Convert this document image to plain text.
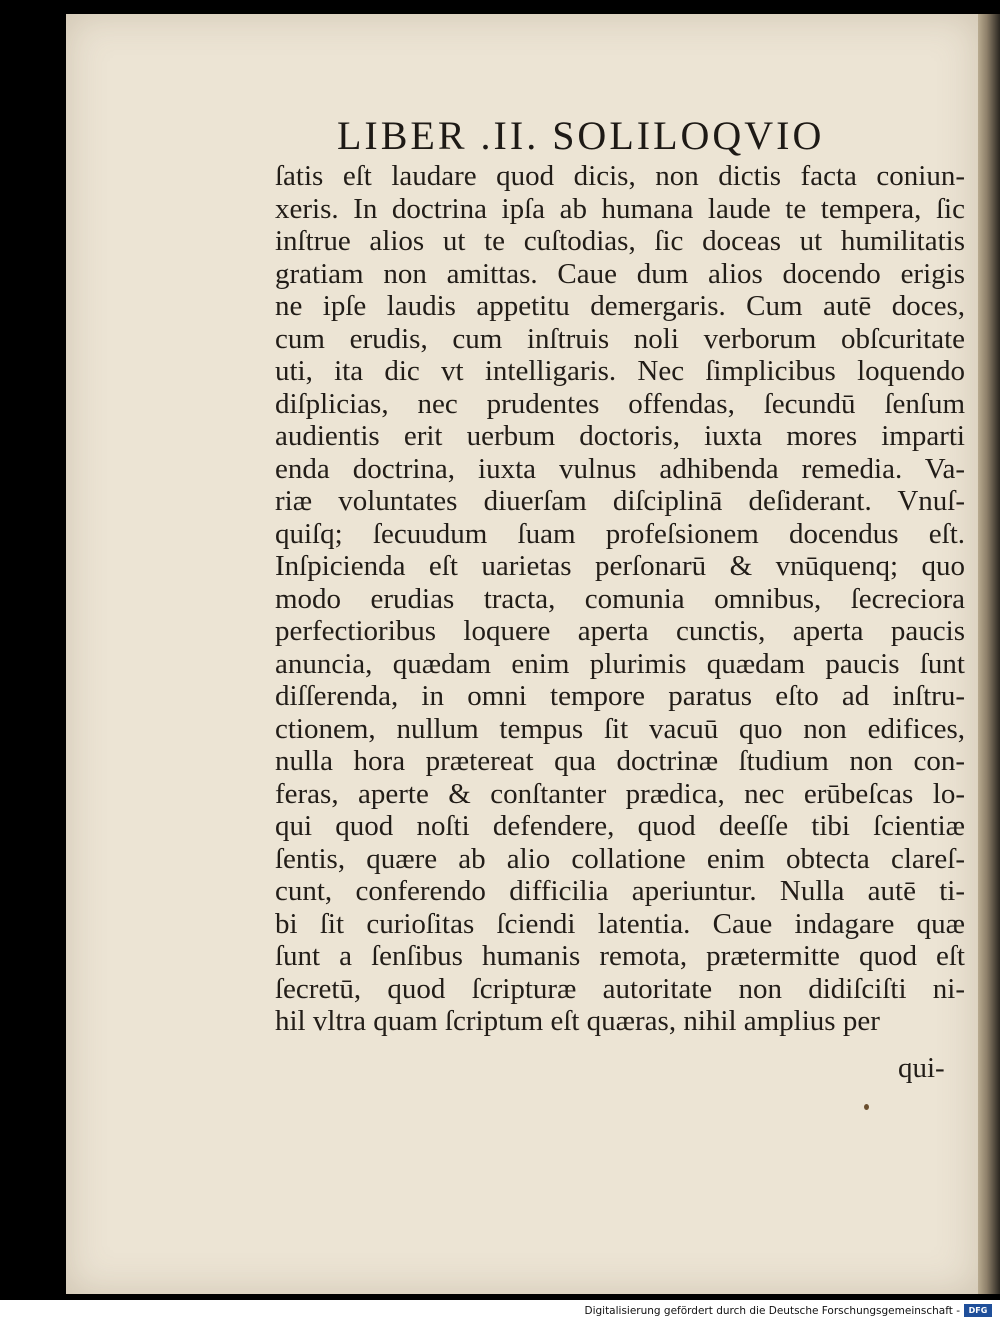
LIBER .II. SOLILOQVIO
ſatis eſt laudare quod dicis, non dictis facta coniun-
xeris. In doctrina ipſa ab humana laude te tempera, ſic
inſtrue alios ut te cuſtodias, ſic doceas ut humilitatis
gratiam non amittas. Caue dum alios docendo erigis
ne ipſe laudis appetitu demergaris. Cum autē doces,
cum erudis, cum inſtruis noli verborum obſcuritate
uti, ita dic vt intelligaris. Nec ſimplicibus loquendo
diſplicias, nec prudentes offendas, ſecundū ſenſum
audientis erit uerbum doctoris, iuxta mores imparti
enda doctrina, iuxta vulnus adhibenda remedia. Va-
riæ voluntates diuerſam diſciplinā deſiderant. Vnuſ-
quiſq; ſecuudum ſuam profeſsionem docendus eſt.
Inſpicienda eſt uarietas perſonarū & vnūquenq; quo
modo erudias tracta, comunia omnibus, ſecreciora
perfectioribus loquere aperta cunctis, aperta paucis
anuncia, quædam enim plurimis quædam paucis ſunt
diſſerenda, in omni tempore paratus eſto ad inſtru-
ctionem, nullum tempus ſit vacuū quo non edifices,
nulla hora prætereat qua doctrinæ ſtudium non con-
feras, aperte & conſtanter prædica, nec erūbeſcas lo-
qui quod noſti defendere, quod deeſſe tibi ſcientiæ
ſentis, quære ab alio collatione enim obtecta clareſ-
cunt, conferendo difficilia aperiuntur. Nulla autē ti-
bi ſit curioſitas ſciendi latentia. Caue indagare quæ
ſunt a ſenſibus humanis remota, prætermitte quod eſt
ſecretū, quod ſcripturæ autoritate non didiſciſti ni-
hil vltra quam ſcriptum eſt quæras, nihil amplius per
qui-
Digitalisierung gefördert durch die Deutsche Forschungsgemeinschaft -	DFG
